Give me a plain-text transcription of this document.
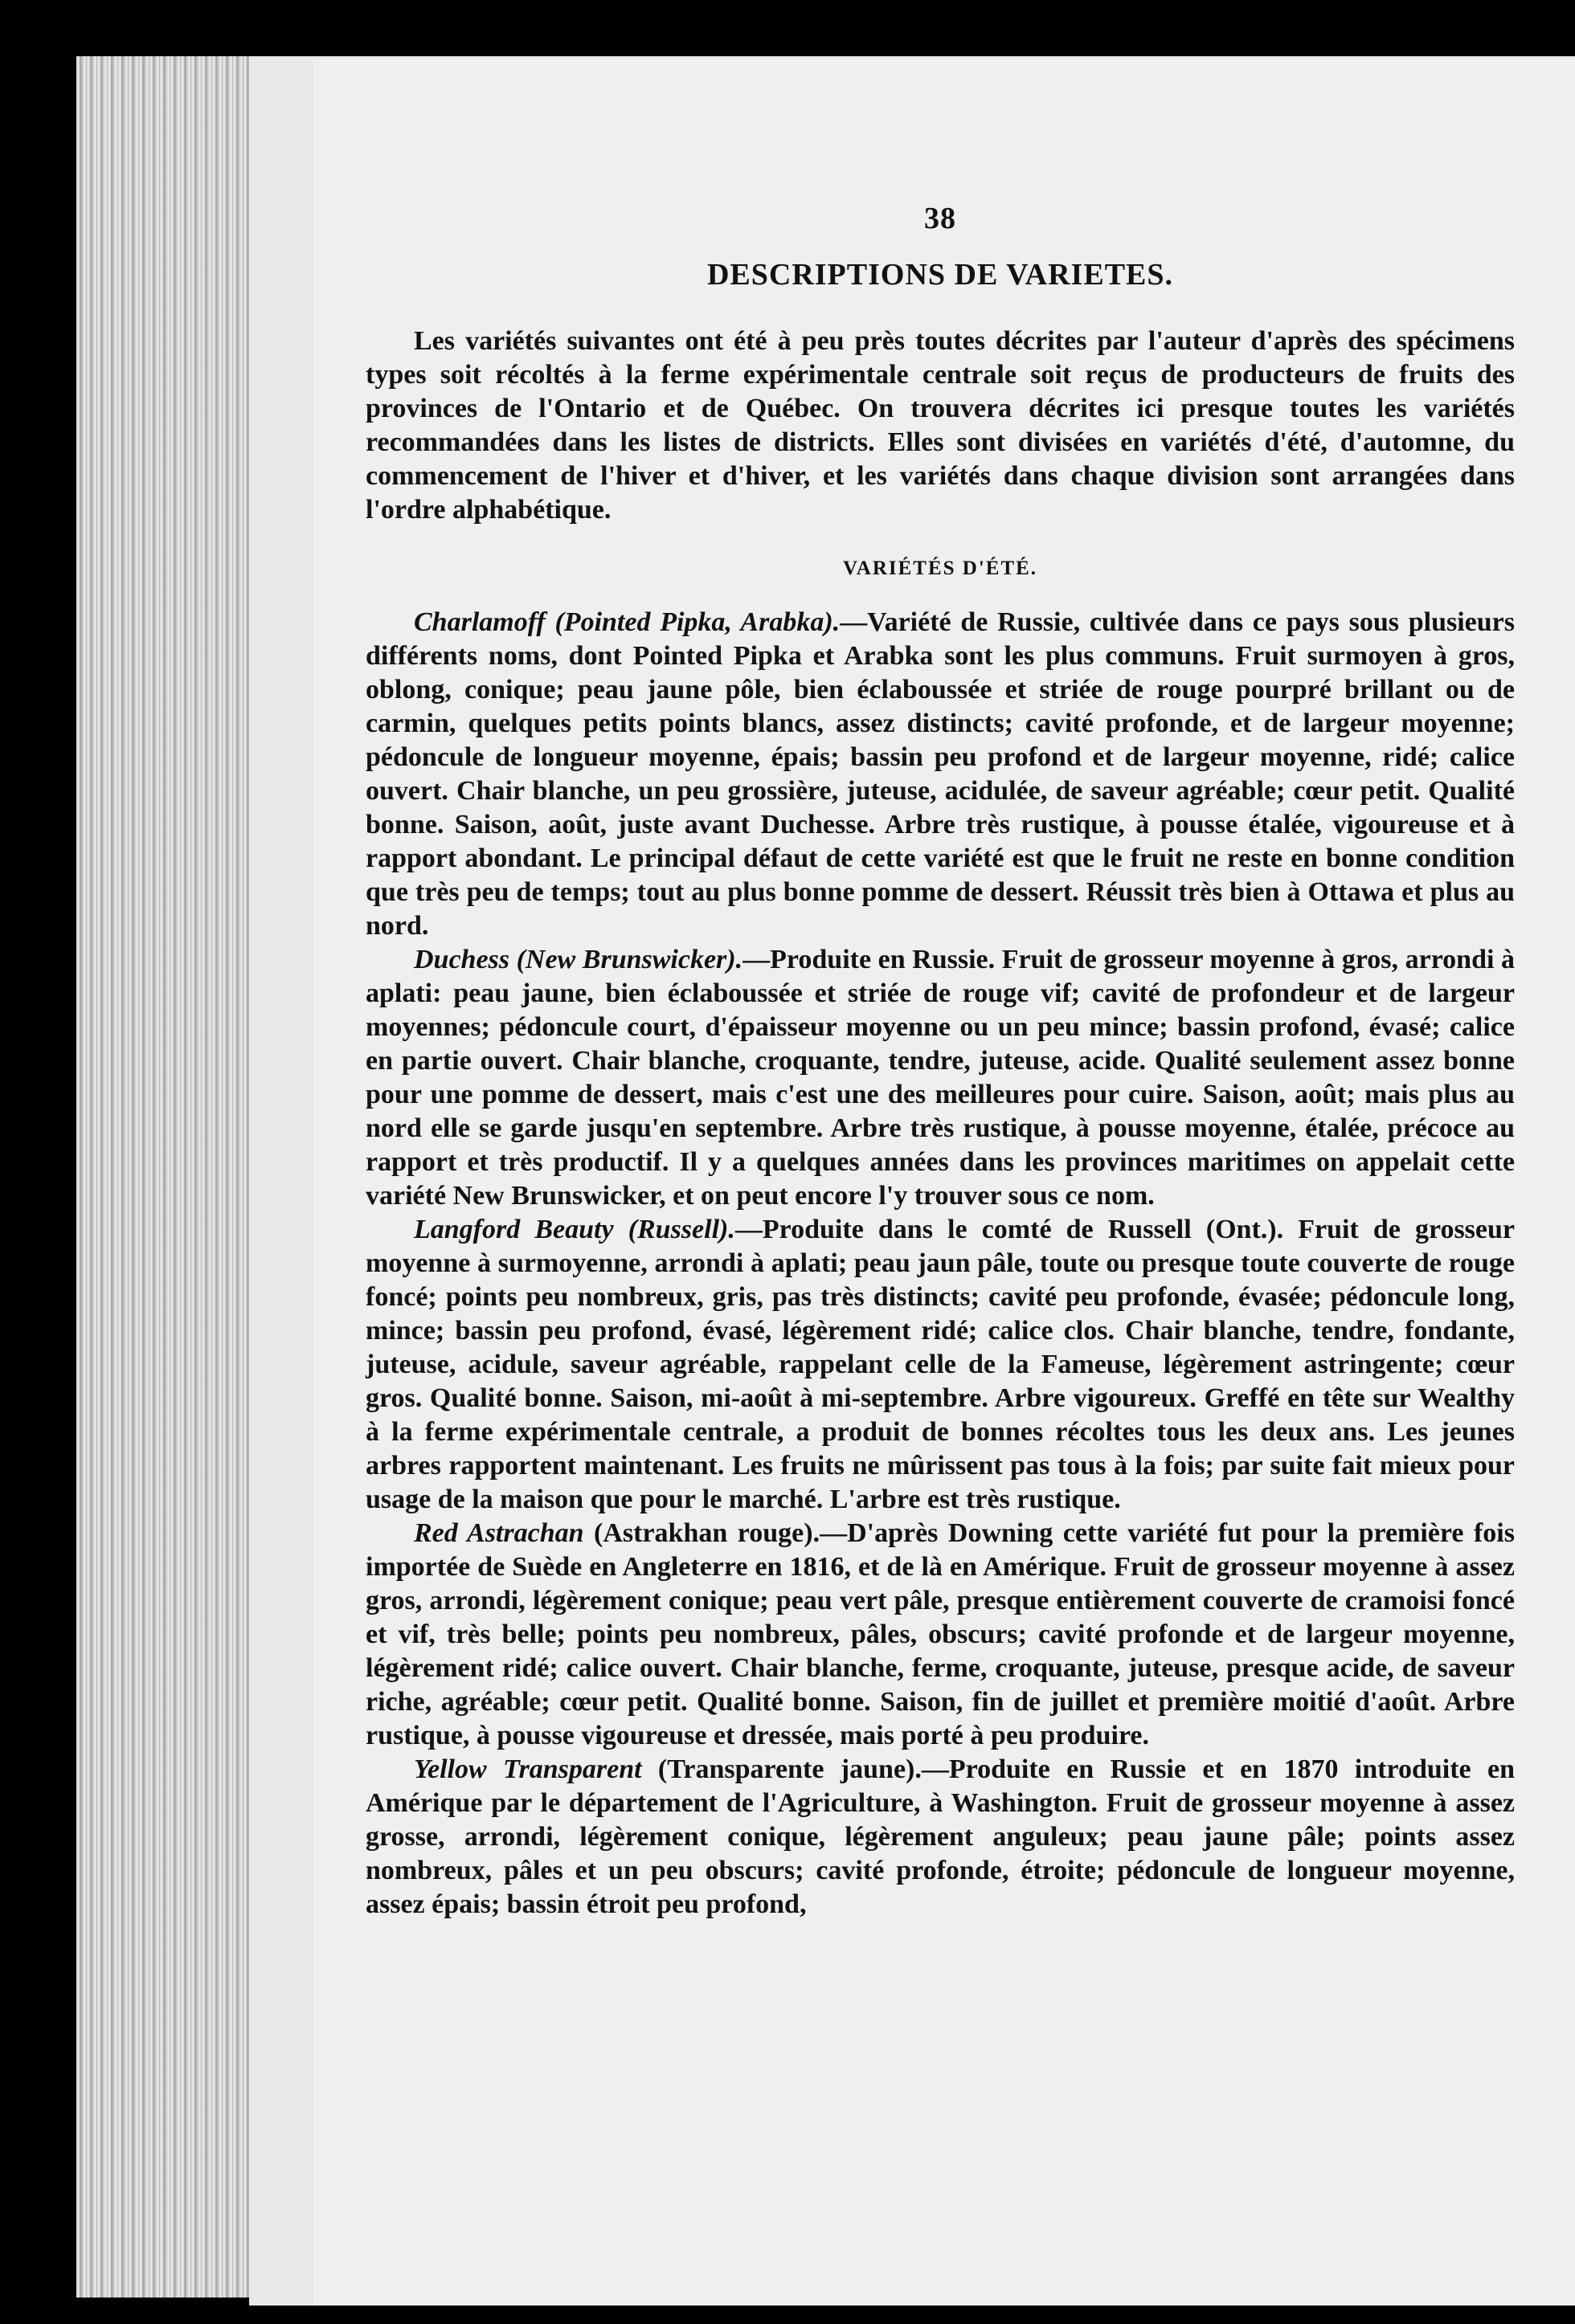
38
DESCRIPTIONS DE VARIETES.

Les variétés suivantes ont été à peu près toutes décrites par l'auteur d'après des spécimens types soit récoltés à la ferme expérimentale centrale soit reçus de producteurs de fruits des provinces de l'Ontario et de Québec. On trouvera décrites ici presque toutes les variétés recommandées dans les listes de districts. Elles sont divisées en variétés d'été, d'automne, du commencement de l'hiver et d'hiver, et les variétés dans chaque division sont arrangées dans l'ordre alphabétique.

VARIÉTÉS D'ÉTÉ.

Charlamoff (Pointed Pipka, Arabka).—Variété de Russie, cultivée dans ce pays sous plusieurs différents noms, dont Pointed Pipka et Arabka sont les plus communs. Fruit surmoyen à gros, oblong, conique; peau jaune pôle, bien éclaboussée et striée de rouge pourpré brillant ou de carmin, quelques petits points blancs, assez distincts; cavité profonde, et de largeur moyenne; pédoncule de longueur moyenne, épais; bassin peu profond et de largeur moyenne, ridé; calice ouvert. Chair blanche, un peu grossière, juteuse, acidulée, de saveur agréable; cœur petit. Qualité bonne. Saison, août, juste avant Duchesse. Arbre très rustique, à pousse étalée, vigoureuse et à rapport abondant. Le principal défaut de cette variété est que le fruit ne reste en bonne condition que très peu de temps; tout au plus bonne pomme de dessert. Réussit très bien à Ottawa et plus au nord.

Duchess (New Brunswicker).—Produite en Russie. Fruit de grosseur moyenne à gros, arrondi à aplati: peau jaune, bien éclaboussée et striée de rouge vif; cavité de profondeur et de largeur moyennes; pédoncule court, d'épaisseur moyenne ou un peu mince; bassin profond, évasé; calice en partie ouvert. Chair blanche, croquante, tendre, juteuse, acide. Qualité seulement assez bonne pour une pomme de dessert, mais c'est une des meilleures pour cuire. Saison, août; mais plus au nord elle se garde jusqu'en septembre. Arbre très rustique, à pousse moyenne, étalée, précoce au rapport et très productif. Il y a quelques années dans les provinces maritimes on appelait cette variété New Brunswicker, et on peut encore l'y trouver sous ce nom.

Langford Beauty (Russell).—Produite dans le comté de Russell (Ont.). Fruit de grosseur moyenne à surmoyenne, arrondi à aplati; peau jaun pâle, toute ou presque toute couverte de rouge foncé; points peu nombreux, gris, pas très distincts; cavité peu profonde, évasée; pédoncule long, mince; bassin peu profond, évasé, légèrement ridé; calice clos. Chair blanche, tendre, fondante, juteuse, acidule, saveur agréable, rappelant celle de la Fameuse, légèrement astringente; cœur gros. Qualité bonne. Saison, mi-août à mi-septembre. Arbre vigoureux. Greffé en tête sur Wealthy à la ferme expérimentale centrale, a produit de bonnes récoltes tous les deux ans. Les jeunes arbres rapportent maintenant. Les fruits ne mûrissent pas tous à la fois; par suite fait mieux pour usage de la maison que pour le marché. L'arbre est très rustique.

Red Astrachan (Astrakhan rouge).—D'après Downing cette variété fut pour la première fois importée de Suède en Angleterre en 1816, et de là en Amérique. Fruit de grosseur moyenne à assez gros, arrondi, légèrement conique; peau vert pâle, presque entièrement couverte de cramoisi foncé et vif, très belle; points peu nombreux, pâles, obscurs; cavité profonde et de largeur moyenne, légèrement ridé; calice ouvert. Chair blanche, ferme, croquante, juteuse, presque acide, de saveur riche, agréable; cœur petit. Qualité bonne. Saison, fin de juillet et première moitié d'août. Arbre rustique, à pousse vigoureuse et dressée, mais porté à peu produire.

Yellow Transparent (Transparente jaune).—Produite en Russie et en 1870 introduite en Amérique par le département de l'Agriculture, à Washington. Fruit de grosseur moyenne à assez grosse, arrondi, légèrement conique, légèrement anguleux; peau jaune pâle; points assez nombreux, pâles et un peu obscurs; cavité profonde, étroite; pédoncule de longueur moyenne, assez épais; bassin étroit peu profond,
